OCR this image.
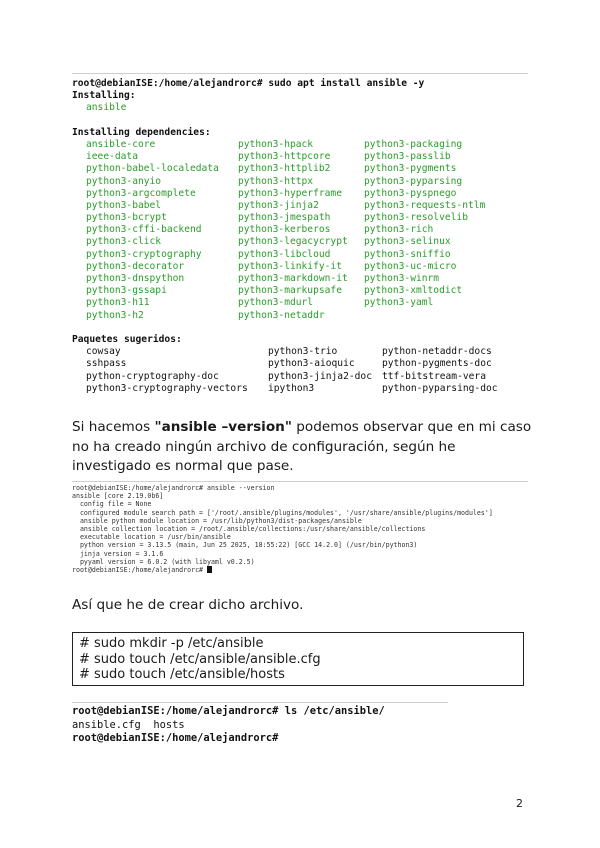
root@debianISE:/home/alejandrorc# sudo apt install ansible -y
Installing:
ansible
Installing dependencies:
ansible-core	python3-hpack	python3-packaging
ieee-data	python3-httpcore	python3-passlib
python-babel-localedata python3-httplib2	python3-pygments
python3-anyio	python3-httpx	python3-pyparsing
python3-argcomplete	python3-hyperframe python3-pyspnego
python3-babel	python3-jinja2	python3-requests-ntlm
python3-bcrypt	python3-jmespath	python3-resolvelib
python3-cffi-backend	python3-kerberos	python3-rich
python3-click	python3-legacycrypt python3-selinux
python3-cryptography	python3-libcloud	python3-sniffio
python3-decorator	python3-linkify-it python3-uc-micro
python3-dnspython	python3-markdown-it python3-winrm
python3-gssapi	python3-markupsafe python3-xmltodict
python3-h11	python3-mdurl	python3-yaml
python3-h2	python3-netaddr
Paquetes sugeridos:
cowsay	python3-trio	python-netaddr-docs
sshpass	python3-aioquic	python-pygments-doc
python-cryptography-doc	python3-jinja2-doc ttf-bitstream-vera
python3-cryptography-vectors ipython3	python-pyparsing-doc
Si hacemos "ansible –version" podemos observar que en mi caso no ha creado ningún archivo de configuración, según he investigado es normal que pase.
root@debianISE:/home/alejandrorc# ansible --version
ansible [core 2.19.0b6]
config file = None
configured module search path = ['/root/.ansible/plugins/modules', '/usr/share/ansible/plugins/modules']
ansible python module location = /usr/lib/python3/dist-packages/ansible
ansible collection location = /root/.ansible/collections:/usr/share/ansible/collections
executable location = /usr/bin/ansible
python version = 3.13.5 (main, Jun 25 2025, 18:55:22) [GCC 14.2.0] (/usr/bin/python3)
jinja version = 3.1.6
pyyaml version = 6.0.2 (with libyaml v0.2.5)
root@debianISE:/home/alejandrorc#
Así que he de crear dicho archivo.
# sudo mkdir -p /etc/ansible
# sudo touch /etc/ansible/ansible.cfg
# sudo touch /etc/ansible/hosts
root@debianISE:/home/alejandrorc# ls /etc/ansible/
ansible.cfg  hosts
root@debianISE:/home/alejandrorc#
2
